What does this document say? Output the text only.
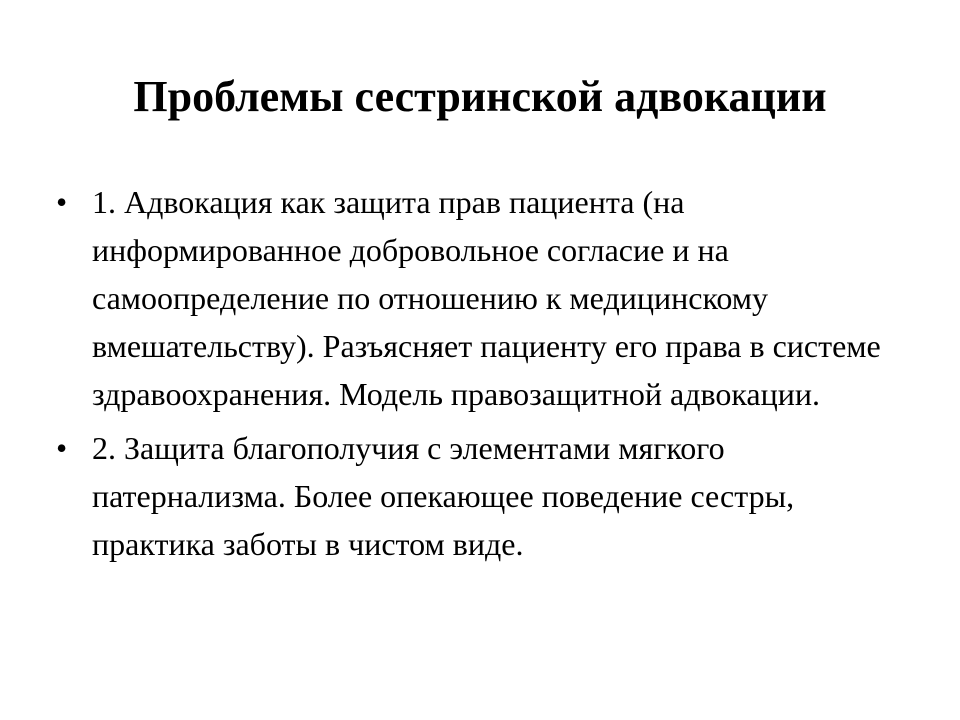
Проблемы сестринской адвокации
• 1. Адвокация как защита прав пациента (на информированное добровольное согласие и на самоопределение по отношению к медицинскому вмешательству). Разъясняет пациенту его права в системе здравоохранения. Модель правозащитной адвокации.
• 2. Защита благополучия с элементами мягкого патернализма. Более опекающее поведение сестры, практика заботы в чистом виде.
